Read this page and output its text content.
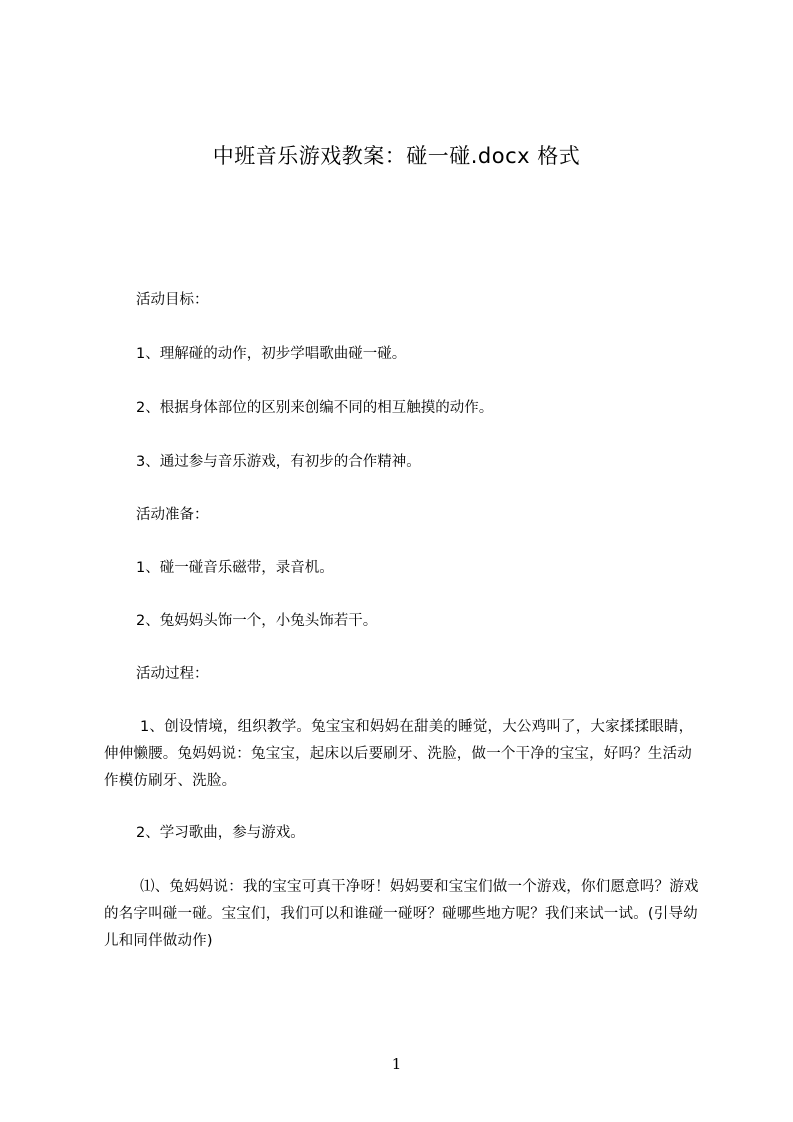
中班音乐游戏教案：碰一碰.docx 格式
活动目标：
1、理解碰的动作，初步学唱歌曲碰一碰。
2、根据身体部位的区别来创编不同的相互触摸的动作。
3、通过参与音乐游戏，有初步的合作精神。
活动准备：
1、碰一碰音乐磁带，录音机。
2、兔妈妈头饰一个，小兔头饰若干。
活动过程：
1、创设情境，组织教学。兔宝宝和妈妈在甜美的睡觉，大公鸡叫了，大家揉揉眼睛，伸伸懒腰。兔妈妈说：兔宝宝，起床以后要刷牙、洗脸，做一个干净的宝宝，好吗？生活动作模仿刷牙、洗脸。
2、学习歌曲，参与游戏。
⑴、兔妈妈说：我的宝宝可真干净呀！妈妈要和宝宝们做一个游戏，你们愿意吗？游戏的名字叫碰一碰。宝宝们，我们可以和谁碰一碰呀？碰哪些地方呢？我们来试一试。(引导幼儿和同伴做动作)
1
